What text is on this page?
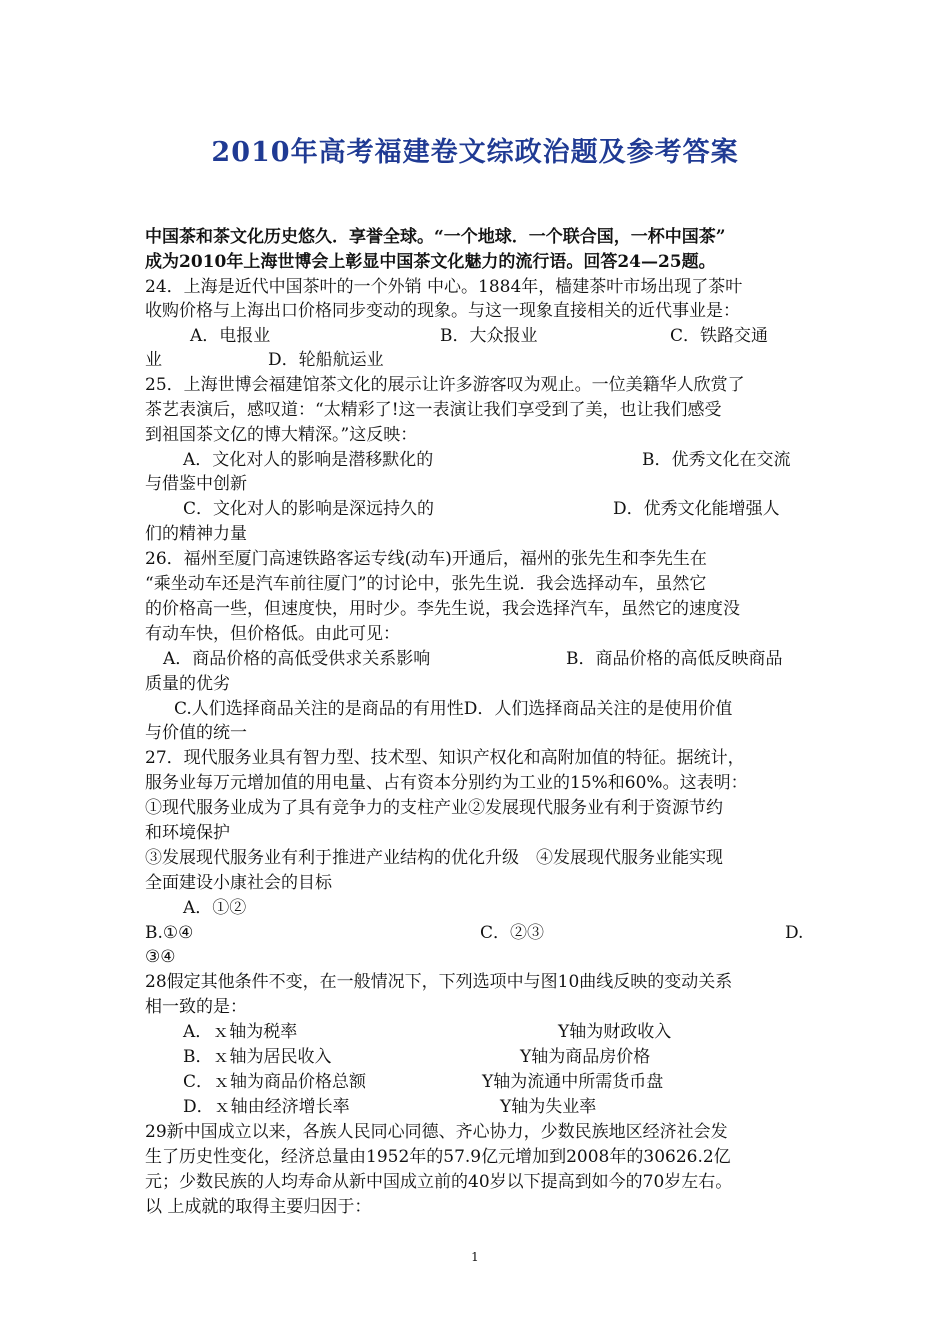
2010年高考福建卷文综政治题及参考答案
中国茶和茶文化历史悠久．享誉全球。“一个地球．一个联合国，一杯中国茶”
成为2010年上海世博会上彰显中国茶文化魅力的流行语。回答24—25题。
24．上海是近代中国茶叶的一个外销 中心。1884年，樯建茶叶市场出现了茶叶
收购价格与上海出口价格同步变动的现象。与这一现象直接相关的近代事业是：
A．电报业	B．大众报业	C．铁路交通
业	D．轮船航运业
25．上海世博会福建馆茶文化的展示让许多游客叹为观止。一位美籍华人欣赏了
茶艺表演后，感叹道：“太精彩了!这一表演让我们享受到了美，也让我们感受
到祖国茶文亿的博大精深。”这反映：
A．文化对人的影响是潜移默化的	B．优秀文化在交流
与借鉴中创新
C．文化对人的影响是深远持久的	D．优秀文化能增强人
们的精神力量
26．福州至厦门高速铁路客运专线(动车)开通后，福州的张先生和李先生在
“乘坐动车还是汽车前往厦门”的讨论中，张先生说．我会选择动车，虽然它
的价格高一些，但速度快，用时少。李先生说，我会选择汽车，虽然它的速度没
有动车快，但价格低。由此可见：
A．商品价格的高低受供求关系影响	B．商品价格的高低反映商品
质量的优劣
C.人们选择商品关注的是商品的有用性D．人们选择商品关注的是使用价值
与价值的统一
27．现代服务业具有智力型、技术型、知识产权化和高附加值的特征。据统计，
服务业每万元增加值的用电量、占有资本分别约为工业的15%和60%。这表明：
①现代服务业成为了具有竞争力的支柱产业②发展现代服务业有利于资源节约
和环境保护
③发展现代服务业有利于推进产业结构的优化升级　④发展现代服务业能实现
全面建设小康社会的目标
A．①②
B.①④	C．②③	D.
③④
28假定其他条件不变，在一般情况下，下列选项中与图10曲线反映的变动关系
相一致的是：
A．ｘ轴为税率	Y轴为财政收入
B．ｘ轴为居民收入	Y轴为商品房价格
C．ｘ轴为商品价格总额	Y轴为流通中所需货币盘
D．ｘ轴由经济增长率	Y轴为失业率
29新中国成立以来，各族人民同心同德、齐心协力，少数民族地区经济社会发
生了历史性变化，经济总量由1952年的57.9亿元增加到2008年的30626.2亿
元；少数民族的人均寿命从新中国成立前的40岁以下提高到如今的70岁左右。
以 上成就的取得主要归因于：
1
